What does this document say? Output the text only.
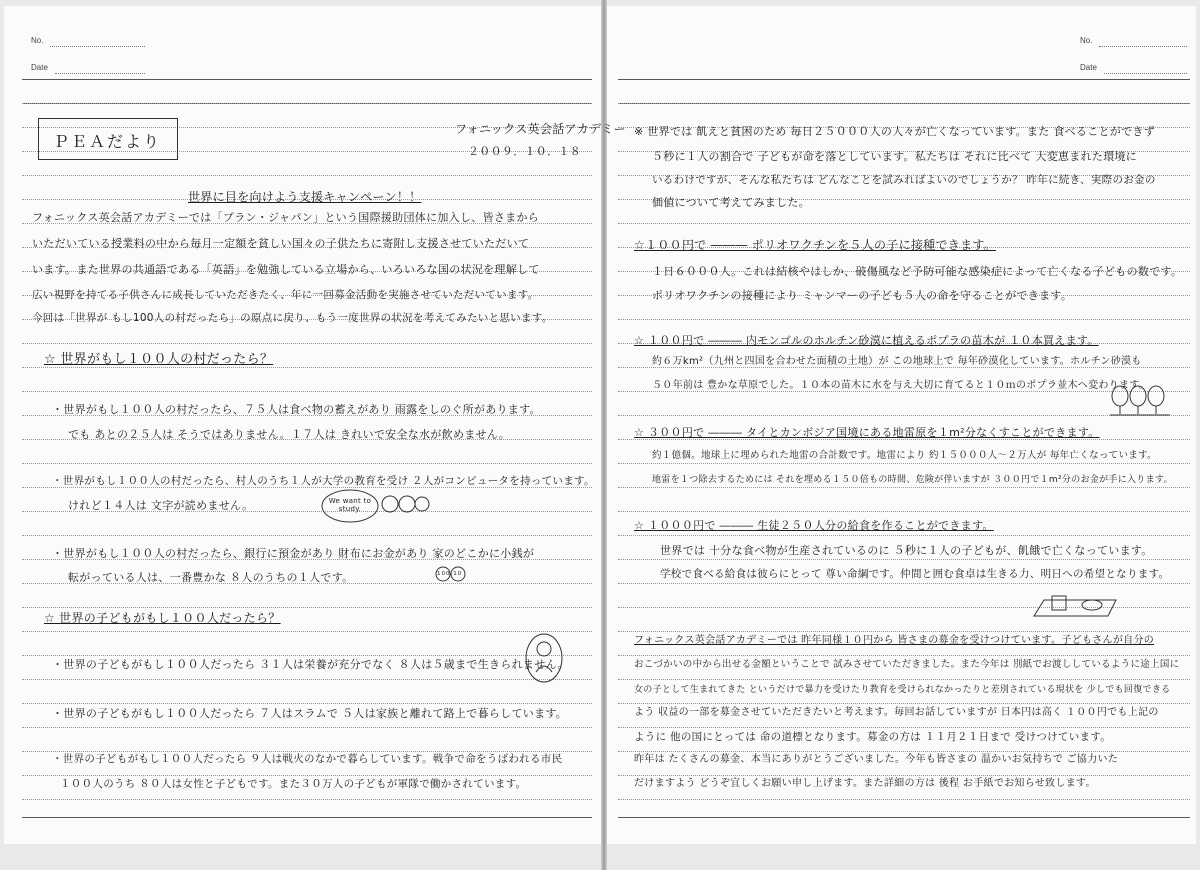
No.
Date
No.
Date
ＰＥＡだより
フォニックス英会話アカデミー
２００９．１０．１８
世界に目を向けよう支援キャンペーン！！
フォニックス英会話アカデミーでは「プラン・ジャパン」という国際援助団体に加入し、皆さまから
いただいている授業料の中から毎月一定額を貧しい国々の子供たちに寄附し支援させていただいて
います。また世界の共通語である「英語」を勉強している立場から、いろいろな国の状況を理解して
広い視野を持てる子供さんに成長していただきたく、年に一回募金活動を実施させていただいています。
今回は「世界が もし100人の村だったら」の原点に戻り、もう一度世界の状況を考えてみたいと思います。
☆ 世界がもし１００人の村だったら？
・世界がもし１００人の村だったら、７５人は食べ物の蓄えがあり 雨露をしのぐ所があります。
でも あとの２５人は そうではありません。１７人は きれいで安全な水が飲めません。
・世界がもし１００人の村だったら、村人のうち１人が大学の教育を受け ２人がコンピュータを持っています。
けれど１４人は 文字が読めません。
・世界がもし１００人の村だったら、銀行に預金があり 財布にお金があり 家のどこかに小銭が
転がっている人は、一番豊かな ８人のうちの１人です。
We want to study.
100 10
☆ 世界の子どもがもし１００人だったら？
・世界の子どもがもし１００人だったら ３１人は栄養が充分でなく ８人は５歳まで生きられません。
・世界の子どもがもし１００人だったら ７人はスラムで ５人は家族と離れて路上で暮らしています。
・世界の子どもがもし１００人だったら ９人は戦火のなかで暮らしています。戦争で命をうばわれる市民
１００人のうち ８０人は女性と子どもです。また３０万人の子どもが軍隊で働かされています。
※ 世界では 飢えと貧困のため 毎日２５０００人の人々が亡くなっています。また 食べることができず
５秒に１人の割合で 子どもが命を落としています。私たちは それに比べて 大変恵まれた環境に
いるわけですが、そんな私たちは どんなことを試みればよいのでしょうか？ 昨年に続き、実際のお金の
価値について考えてみました。
☆１００円で ――― ポリオワクチンを５人の子に接種できます。
１日６０００人。これは結核やはしか、破傷風など予防可能な感染症によって亡くなる子どもの数です。
ポリオワクチンの接種により ミャンマーの子ども５人の命を守ることができます。
☆ １００円で ――― 内モンゴルのホルチン砂漠に植えるポプラの苗木が １０本買えます。
約６万km²（九州と四国を合わせた面積の土地）が この地球上で 毎年砂漠化しています。ホルチン砂漠も
５０年前は 豊かな草原でした。１０本の苗木に水を与え大切に育てると１０ｍのポプラ並木へ変わります。
☆ ３００円で ――― タイとカンボジア国境にある地雷原を１m²分なくすことができます。
約１億個。地球上に埋められた地雷の合計数です。地雷により 約１５０００人～２万人が 毎年亡くなっています。
地雷を１つ除去するためには それを埋める１５０倍もの時間、危険が伴いますが ３００円で１m²分のお金が手に入ります。
☆ １０００円で ――― 生徒２５０人分の給食を作ることができます。
世界では 十分な食べ物が生産されているのに ５秒に１人の子どもが、飢餓で亡くなっています。
学校で食べる給食は彼らにとって 尊い命綱です。仲間と囲む食卓は生きる力、明日への希望となります。
フォニックス英会話アカデミーでは 昨年同様１０円から 皆さまの募金を受けつけています。子どもさんが自分の
おこづかいの中から出せる金額ということで 試みさせていただきました。また今年は 別紙でお渡ししているように途上国に
女の子として生まれてきた というだけで暴力を受けたり教育を受けられなかったりと差別されている現状を 少しでも回復できる
よう 収益の一部を募金させていただきたいと考えます。毎回お話していますが 日本円は高く １００円でも上記の
ように 他の国にとっては 命の道標となります。募金の方は １１月２１日まで 受けつけています。
昨年は たくさんの募金、本当にありがとうございました。今年も皆さまの 温かいお気持ちで ご協力いた
だけますよう どうぞ宜しくお願い申し上げます。また詳細の方は 後程 お手紙でお知らせ致します。
